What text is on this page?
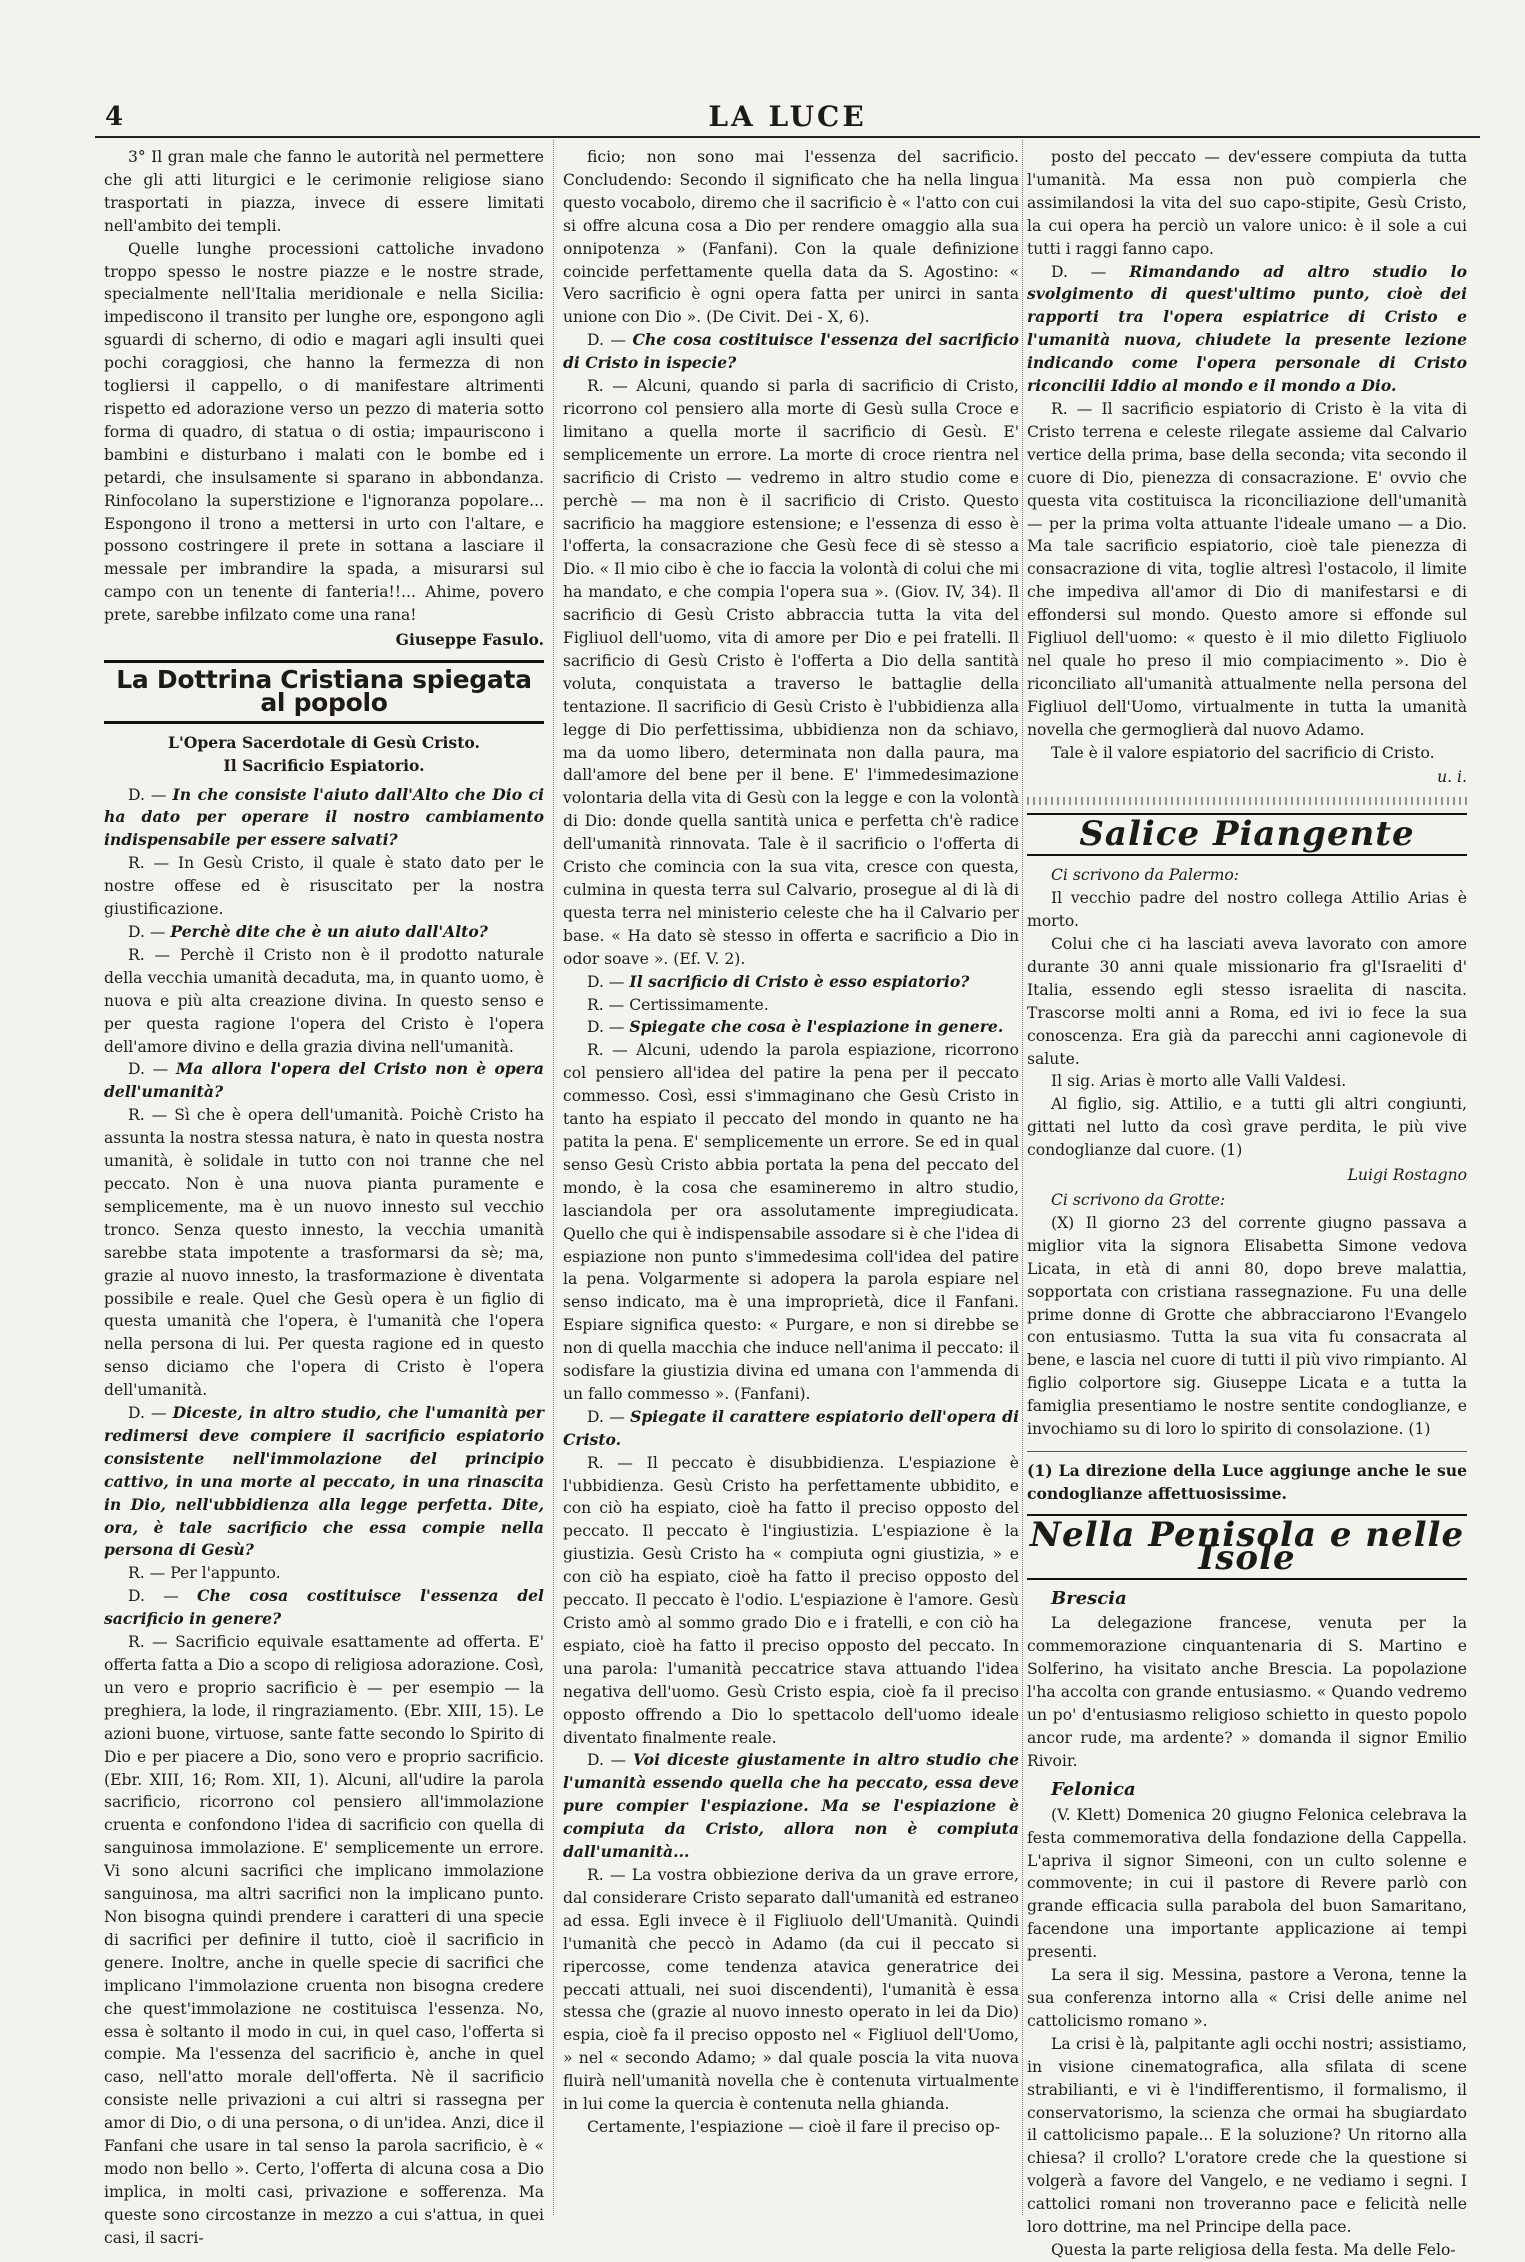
4	LA LUCE

3° Il gran male che fanno le autorità nel permettere che gli atti liturgici e le cerimonie religiose siano trasportati in piazza, invece di essere limitati nell'ambito dei templi.

Quelle lunghe processioni cattoliche invadono troppo spesso le nostre piazze e le nostre strade, specialmente nell'Italia meridionale e nella Sicilia: impediscono il transito per lunghe ore, espongono agli sguardi di scherno, di odio e magari agli insulti quei pochi coraggiosi, che hanno la fermezza di non togliersi il cappello, o di manifestare altrimenti rispetto ed adorazione verso un pezzo di materia sotto forma di quadro, di statua o di ostia; impauriscono i bambini e disturbano i malati con le bombe ed i petardi, che insulsamente si sparano in abbondanza. Rinfocolano la superstizione e l'ignoranza popolare... Espongono il trono a mettersi in urto con l'altare, e possono costringere il prete in sottana a lasciare il messale per imbrandire la spada, a misurarsi sul campo con un tenente di fanteria!!... Ahime, povero prete, sarebbe infilzato come una rana!

Giuseppe Fasulo.
La Dottrina Cristiana spiegata al popolo
L'Opera Sacerdotale di Gesù Cristo.
Il Sacrificio Espiatorio.

D. — In che consiste l'aiuto dall'Alto che Dio ci ha dato per operare il nostro cambiamento indispensabile per essere salvati?

R. — In Gesù Cristo, il quale è stato dato per le nostre offese ed è risuscitato per la nostra giustificazione.

D. — Perchè dite che è un aiuto dall'Alto?

R. — Perchè il Cristo non è il prodotto naturale della vecchia umanità decaduta, ma, in quanto uomo, è nuova e più alta creazione divina. In questo senso e per questa ragione l'opera del Cristo è l'opera dell'amore divino e della grazia divina nell'umanità.

D. — Ma allora l'opera del Cristo non è opera dell'umanità?

R. — Sì che è opera dell'umanità. Poichè Cristo ha assunta la nostra stessa natura, è nato in questa nostra umanità, è solidale in tutto con noi tranne che nel peccato. Non è una nuova pianta puramente e semplicemente, ma è un nuovo innesto sul vecchio tronco. Senza questo innesto, la vecchia umanità sarebbe stata impotente a trasformarsi da sè; ma, grazie al nuovo innesto, la trasformazione è diventata possibile e reale. Quel che Gesù opera è un figlio di questa umanità che l'opera, è l'umanità che l'opera nella persona di lui. Per questa ragione ed in questo senso diciamo che l'opera di Cristo è l'opera dell'umanità.

D. — Diceste, in altro studio, che l'umanità per redimersi deve compiere il sacrificio espiatorio consistente nell'immolazione del principio cattivo, in una morte al peccato, in una rinascita in Dio, nell'ubbidienza alla legge perfetta. Dite, ora, è tale sacrificio che essa compie nella persona di Gesù?

R. — Per l'appunto.

D. — Che cosa costituisce l'essenza del sacrificio in genere?

R. — Sacrificio equivale esattamente ad offerta. E' offerta fatta a Dio a scopo di religiosa adorazione. Così, un vero e proprio sacrificio è — per esempio — la preghiera, la lode, il ringraziamento. (Ebr. XIII, 15). Le azioni buone, virtuose, sante fatte secondo lo Spirito di Dio e per piacere a Dio, sono vero e proprio sacrificio. (Ebr. XIII, 16; Rom. XII, 1). Alcuni, all'udire la parola sacrificio, ricorrono col pensiero all'immolazione cruenta e confondono l'idea di sacrificio con quella di sanguinosa immolazione. E' semplicemente un errore. Vi sono alcuni sacrifici che implicano immolazione sanguinosa, ma altri sacrifici non la implicano punto. Non bisogna quindi prendere i caratteri di una specie di sacrifici per definire il tutto, cioè il sacrificio in genere. Inoltre, anche in quelle specie di sacrifici che implicano l'immolazione cruenta non bisogna credere che quest'immolazione ne costituisca l'essenza. No, essa è soltanto il modo in cui, in quel caso, l'offerta si compie. Ma l'essenza del sacrificio è, anche in quel caso, nell'atto morale dell'offerta. Nè il sacrificio consiste nelle privazioni a cui altri si rassegna per amor di Dio, o di una persona, o di un'idea. Anzi, dice il Fanfani che usare in tal senso la parola sacrificio, è « modo non bello ». Certo, l'offerta di alcuna cosa a Dio implica, in molti casi, privazione e sofferenza. Ma queste sono circostanze in mezzo a cui s'attua, in quei casi, il sacri-

ficio; non sono mai l'essenza del sacrificio. Concludendo: Secondo il significato che ha nella lingua questo vocabolo, diremo che il sacrificio è « l'atto con cui si offre alcuna cosa a Dio per rendere omaggio alla sua onnipotenza » (Fanfani). Con la quale definizione coincide perfettamente quella data da S. Agostino: « Vero sacrificio è ogni opera fatta per unirci in santa unione con Dio ». (De Civit. Dei - X, 6).

D. — Che cosa costituisce l'essenza del sacrificio di Cristo in ispecie?

R. — Alcuni, quando si parla di sacrificio di Cristo, ricorrono col pensiero alla morte di Gesù sulla Croce e limitano a quella morte il sacrificio di Gesù. E' semplicemente un errore. La morte di croce rientra nel sacrificio di Cristo — vedremo in altro studio come e perchè — ma non è il sacrificio di Cristo. Questo sacrificio ha maggiore estensione; e l'essenza di esso è l'offerta, la consacrazione che Gesù fece di sè stesso a Dio. « Il mio cibo è che io faccia la volontà di colui che mi ha mandato, e che compia l'opera sua ». (Giov. IV, 34). Il sacrificio di Gesù Cristo abbraccia tutta la vita del Figliuol dell'uomo, vita di amore per Dio e pei fratelli. Il sacrificio di Gesù Cristo è l'offerta a Dio della santità voluta, conquistata a traverso le battaglie della tentazione. Il sacrificio di Gesù Cristo è l'ubbidienza alla legge di Dio perfettissima, ubbidienza non da schiavo, ma da uomo libero, determinata non dalla paura, ma dall'amore del bene per il bene. E' l'immedesimazione volontaria della vita di Gesù con la legge e con la volontà di Dio: donde quella santità unica e perfetta ch'è radice dell'umanità rinnovata. Tale è il sacrificio o l'offerta di Cristo che comincia con la sua vita, cresce con questa, culmina in questa terra sul Calvario, prosegue al di là di questa terra nel ministerio celeste che ha il Calvario per base. « Ha dato sè stesso in offerta e sacrificio a Dio in odor soave ». (Ef. V. 2).

D. — Il sacrificio di Cristo è esso espiatorio?

R. — Certissimamente.

D. — Spiegate che cosa è l'espiazione in genere.

R. — Alcuni, udendo la parola espiazione, ricorrono col pensiero all'idea del patire la pena per il peccato commesso. Così, essi s'immaginano che Gesù Cristo in tanto ha espiato il peccato del mondo in quanto ne ha patita la pena. E' semplicemente un errore. Se ed in qual senso Gesù Cristo abbia portata la pena del peccato del mondo, è la cosa che esamineremo in altro studio, lasciandola per ora assolutamente impregiudicata. Quello che qui è indispensabile assodare si è che l'idea di espiazione non punto s'immedesima coll'idea del patire la pena. Volgarmente si adopera la parola espiare nel senso indicato, ma è una improprietà, dice il Fanfani. Espiare significa questo: « Purgare, e non si direbbe se non di quella macchia che induce nell'anima il peccato: il sodisfare la giustizia divina ed umana con l'ammenda di un fallo commesso ». (Fanfani).

D. — Spiegate il carattere espiatorio dell'opera di Cristo.

R. — Il peccato è disubbidienza. L'espiazione è l'ubbidienza. Gesù Cristo ha perfettamente ubbidito, e con ciò ha espiato, cioè ha fatto il preciso opposto del peccato. Il peccato è l'ingiustizia. L'espiazione è la giustizia. Gesù Cristo ha « compiuta ogni giustizia, » e con ciò ha espiato, cioè ha fatto il preciso opposto del peccato. Il peccato è l'odio. L'espiazione è l'amore. Gesù Cristo amò al sommo grado Dio e i fratelli, e con ciò ha espiato, cioè ha fatto il preciso opposto del peccato. In una parola: l'umanità peccatrice stava attuando l'idea negativa dell'uomo. Gesù Cristo espia, cioè fa il preciso opposto offrendo a Dio lo spettacolo dell'uomo ideale diventato finalmente reale.

D. — Voi diceste giustamente in altro studio che l'umanità essendo quella che ha peccato, essa deve pure compier l'espiazione. Ma se l'espiazione è compiuta da Cristo, allora non è compiuta dall'umanità...

R. — La vostra obbiezione deriva da un grave errore, dal considerare Cristo separato dall'umanità ed estraneo ad essa. Egli invece è il Figliuolo dell'Umanità. Quindi l'umanità che peccò in Adamo (da cui il peccato si ripercosse, come tendenza atavica generatrice dei peccati attuali, nei suoi discendenti), l'umanità è essa stessa che (grazie al nuovo innesto operato in lei da Dio) espia, cioè fa il preciso opposto nel « Figliuol dell'Uomo, » nel « secondo Adamo; » dal quale poscia la vita nuova fluirà nell'umanità novella che è contenuta virtualmente in lui come la quercia è contenuta nella ghianda.

Certamente, l'espiazione — cioè il fare il preciso op-

posto del peccato — dev'essere compiuta da tutta l'umanità. Ma essa non può compierla che assimilandosi la vita del suo capo-stipite, Gesù Cristo, la cui opera ha perciò un valore unico: è il sole a cui tutti i raggi fanno capo.

D. — Rimandando ad altro studio lo svolgimento di quest'ultimo punto, cioè dei rapporti tra l'opera espiatrice di Cristo e l'umanità nuova, chiudete la presente lezione indicando come l'opera personale di Cristo riconcilii Iddio al mondo e il mondo a Dio.

R. — Il sacrificio espiatorio di Cristo è la vita di Cristo terrena e celeste rilegate assieme dal Calvario vertice della prima, base della seconda; vita secondo il cuore di Dio, pienezza di consacrazione. E' ovvio che questa vita costituisca la riconciliazione dell'umanità — per la prima volta attuante l'ideale umano — a Dio. Ma tale sacrificio espiatorio, cioè tale pienezza di consacrazione di vita, toglie altresì l'ostacolo, il limite che impediva all'amor di Dio di manifestarsi e di effondersi sul mondo. Questo amore si effonde sul Figliuol dell'uomo: « questo è il mio diletto Figliuolo nel quale ho preso il mio compiacimento ». Dio è riconciliato all'umanità attualmente nella persona del Figliuol dell'Uomo, virtualmente in tutta la umanità novella che germoglierà dal nuovo Adamo.

Tale è il valore espiatorio del sacrificio di Cristo.

u. i.
Salice Piangente

Ci scrivono da Palermo:

Il vecchio padre del nostro collega Attilio Arias è morto.

Colui che ci ha lasciati aveva lavorato con amore durante 30 anni quale missionario fra gl'Israeliti d' Italia, essendo egli stesso israelita di nascita. Trascorse molti anni a Roma, ed ivi io fece la sua conoscenza. Era già da parecchi anni cagionevole di salute.

Il sig. Arias è morto alle Valli Valdesi.

Al figlio, sig. Attilio, e a tutti gli altri congiunti, gittati nel lutto da così grave perdita, le più vive condoglianze dal cuore. (1)

Luigi Rostagno

Ci scrivono da Grotte:

(X) Il giorno 23 del corrente giugno passava a miglior vita la signora Elisabetta Simone vedova Licata, in età di anni 80, dopo breve malattia, sopportata con cristiana rassegnazione. Fu una delle prime donne di Grotte che abbracciarono l'Evangelo con entusiasmo. Tutta la sua vita fu consacrata al bene, e lascia nel cuore di tutti il più vivo rimpianto. Al figlio colportore sig. Giuseppe Licata e a tutta la famiglia presentiamo le nostre sentite condoglianze, e invochiamo su di loro lo spirito di consolazione. (1)

(1) La direzione della Luce aggiunge anche le sue condoglianze affettuosissime.
Nella Penisola e nelle Isole
Brescia

La delegazione francese, venuta per la commemorazione cinquantenaria di S. Martino e Solferino, ha visitato anche Brescia. La popolazione l'ha accolta con grande entusiasmo. « Quando vedremo un po' d'entusiasmo religioso schietto in questo popolo ancor rude, ma ardente? » domanda il signor Emilio Rivoir.

Felonica

(V. Klett) Domenica 20 giugno Felonica celebrava la festa commemorativa della fondazione della Cappella. L'apriva il signor Simeoni, con un culto solenne e commovente; in cui il pastore di Revere parlò con grande efficacia sulla parabola del buon Samaritano, facendone una importante applicazione ai tempi presenti.

La sera il sig. Messina, pastore a Verona, tenne la sua conferenza intorno alla « Crisi delle anime nel cattolicismo romano ».

La crisi è là, palpitante agli occhi nostri; assistiamo, in visione cinematografica, alla sfilata di scene strabilianti, e vi è l'indifferentismo, il formalismo, il conservatorismo, la scienza che ormai ha sbugiardato il cattolicismo papale... E la soluzione? Un ritorno alla chiesa? il crollo? L'oratore crede che la questione si volgerà a favore del Vangelo, e ne vediamo i segni. I cattolici romani non troveranno pace e felicità nelle loro dottrine, ma nel Principe della pace.

Questa la parte religiosa della festa. Ma delle Felo-
